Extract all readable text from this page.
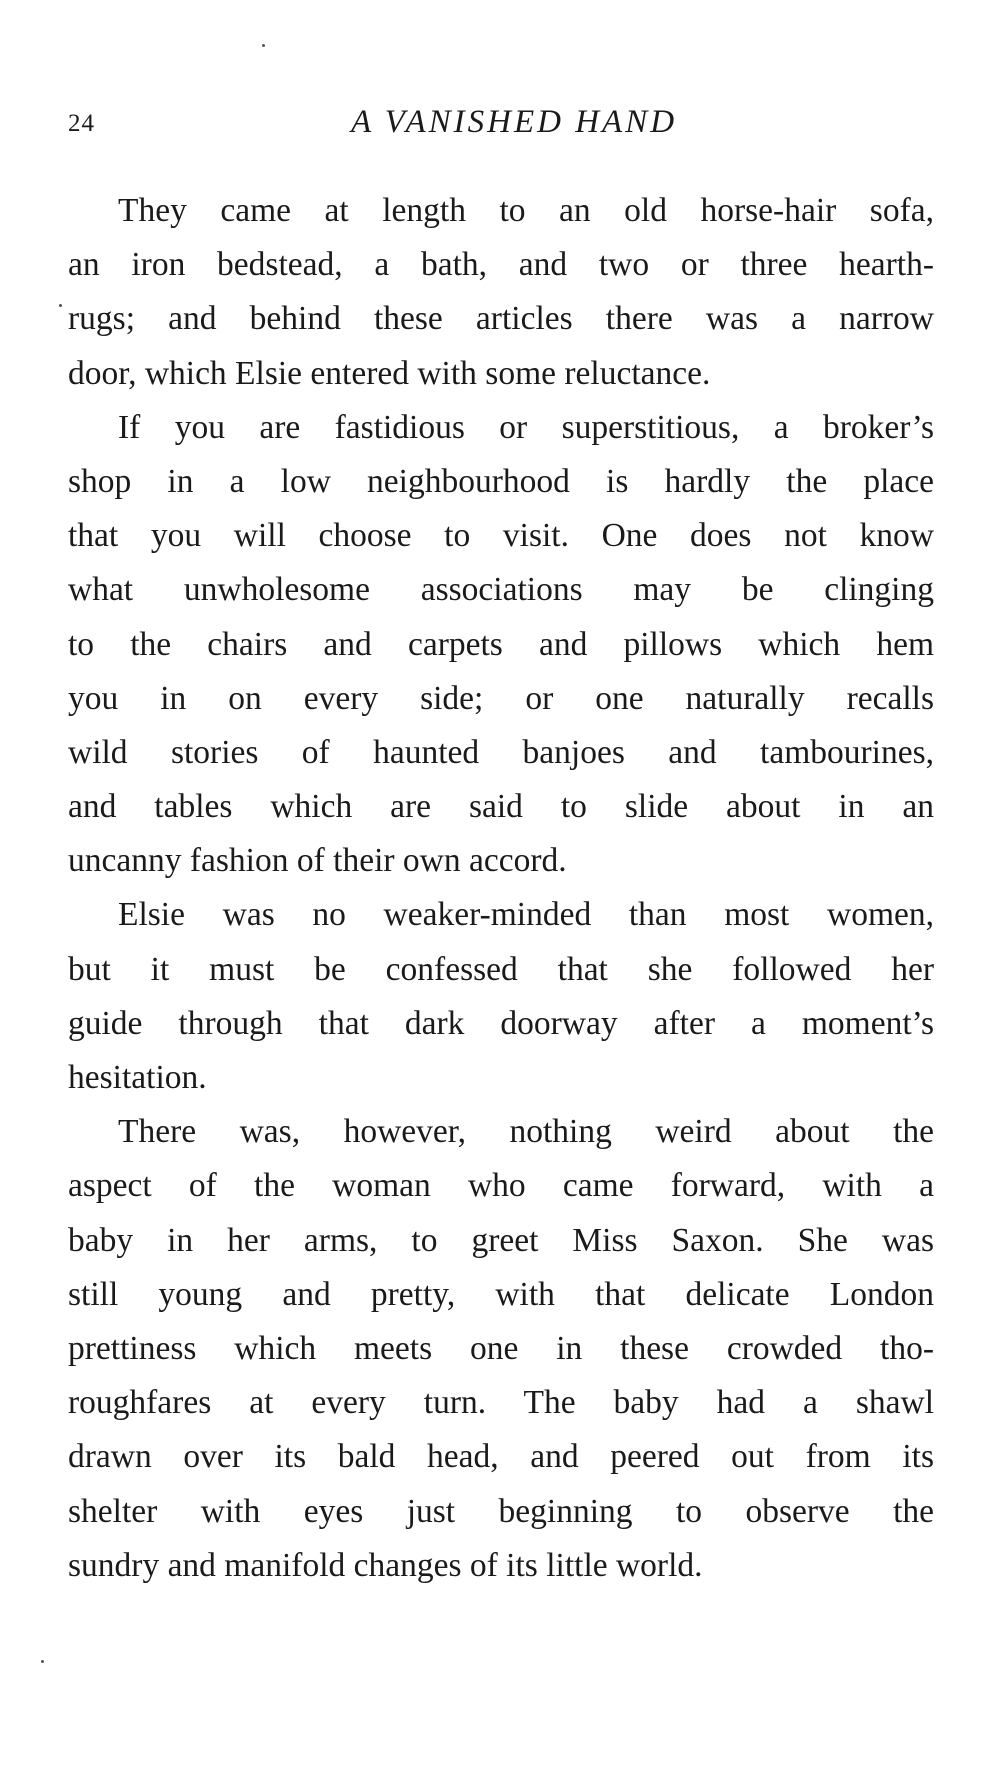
24	A VANISHED HAND
They came at length to an old horse-hair sofa,
an iron bedstead, a bath, and two or three hearth-
rugs; and behind these articles there was a narrow
door, which Elsie entered with some reluctance.
If you are fastidious or superstitious, a broker’s
shop in a low neighbourhood is hardly the place
that you will choose to visit. One does not know
what unwholesome associations may be clinging
to the chairs and carpets and pillows which hem
you in on every side; or one naturally recalls
wild stories of haunted banjoes and tambourines,
and tables which are said to slide about in an
uncanny fashion of their own accord.
Elsie was no weaker-minded than most women,
but it must be confessed that she followed her
guide through that dark doorway after a moment’s
hesitation.
There was, however, nothing weird about the
aspect of the woman who came forward, with a
baby in her arms, to greet Miss Saxon. She was
still young and pretty, with that delicate London
prettiness which meets one in these crowded tho-
roughfares at every turn. The baby had a shawl
drawn over its bald head, and peered out from its
shelter with eyes just beginning to observe the
sundry and manifold changes of its little world.
